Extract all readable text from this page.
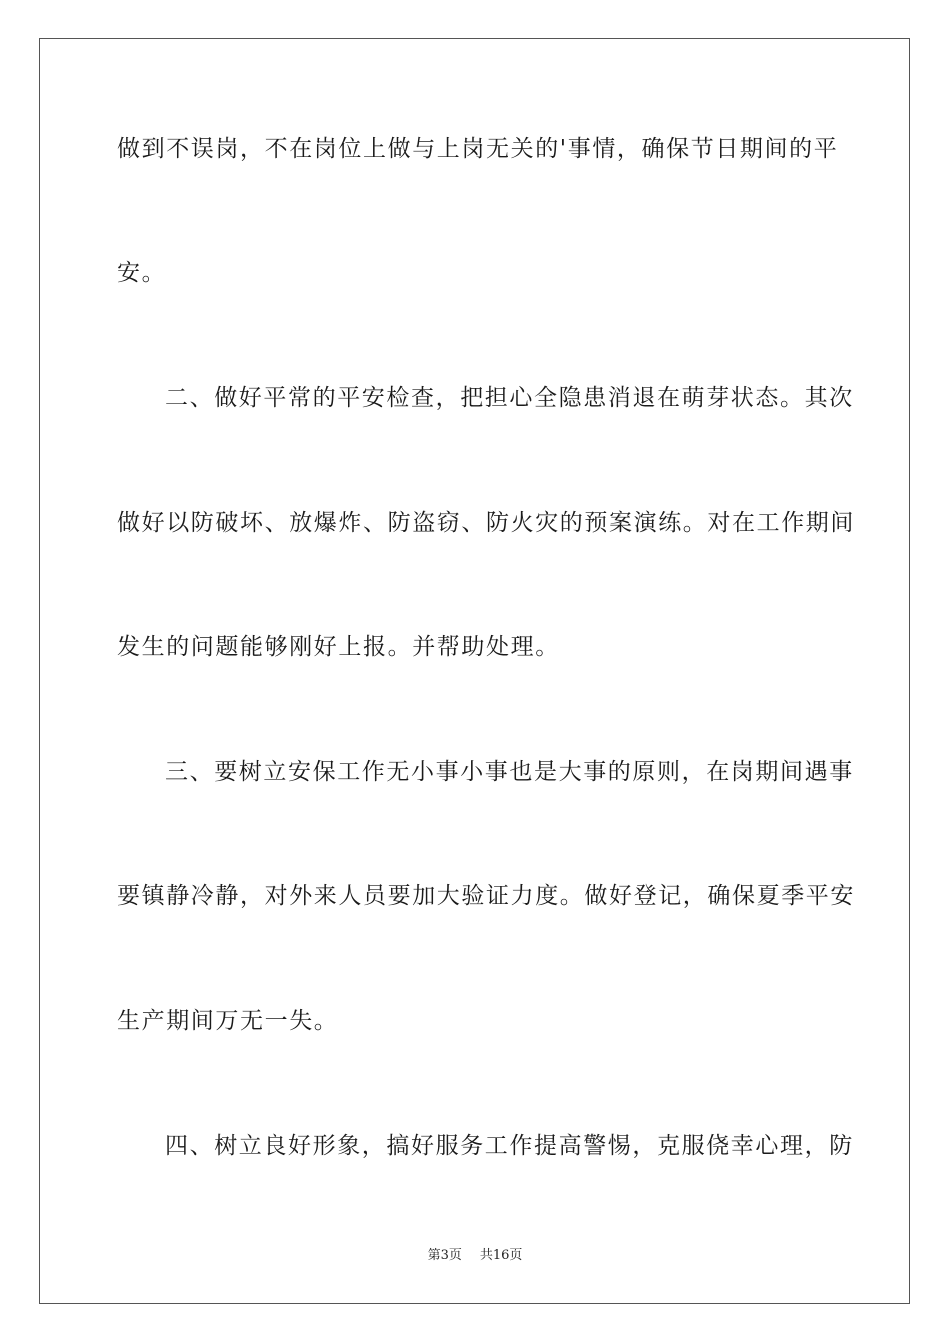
做到不误岗，不在岗位上做与上岗无关的'事情，确保节日期间的平
安。
二、做好平常的平安检查，把担心全隐患消退在萌芽状态。其次
做好以防破坏、放爆炸、防盗窃、防火灾的预案演练。对在工作期间
发生的问题能够刚好上报。并帮助处理。
三、要树立安保工作无小事小事也是大事的原则，在岗期间遇事
要镇静冷静，对外来人员要加大验证力度。做好登记，确保夏季平安
生产期间万无一失。
四、树立良好形象，搞好服务工作提高警惕，克服侥幸心理，防
第3页 共16页
